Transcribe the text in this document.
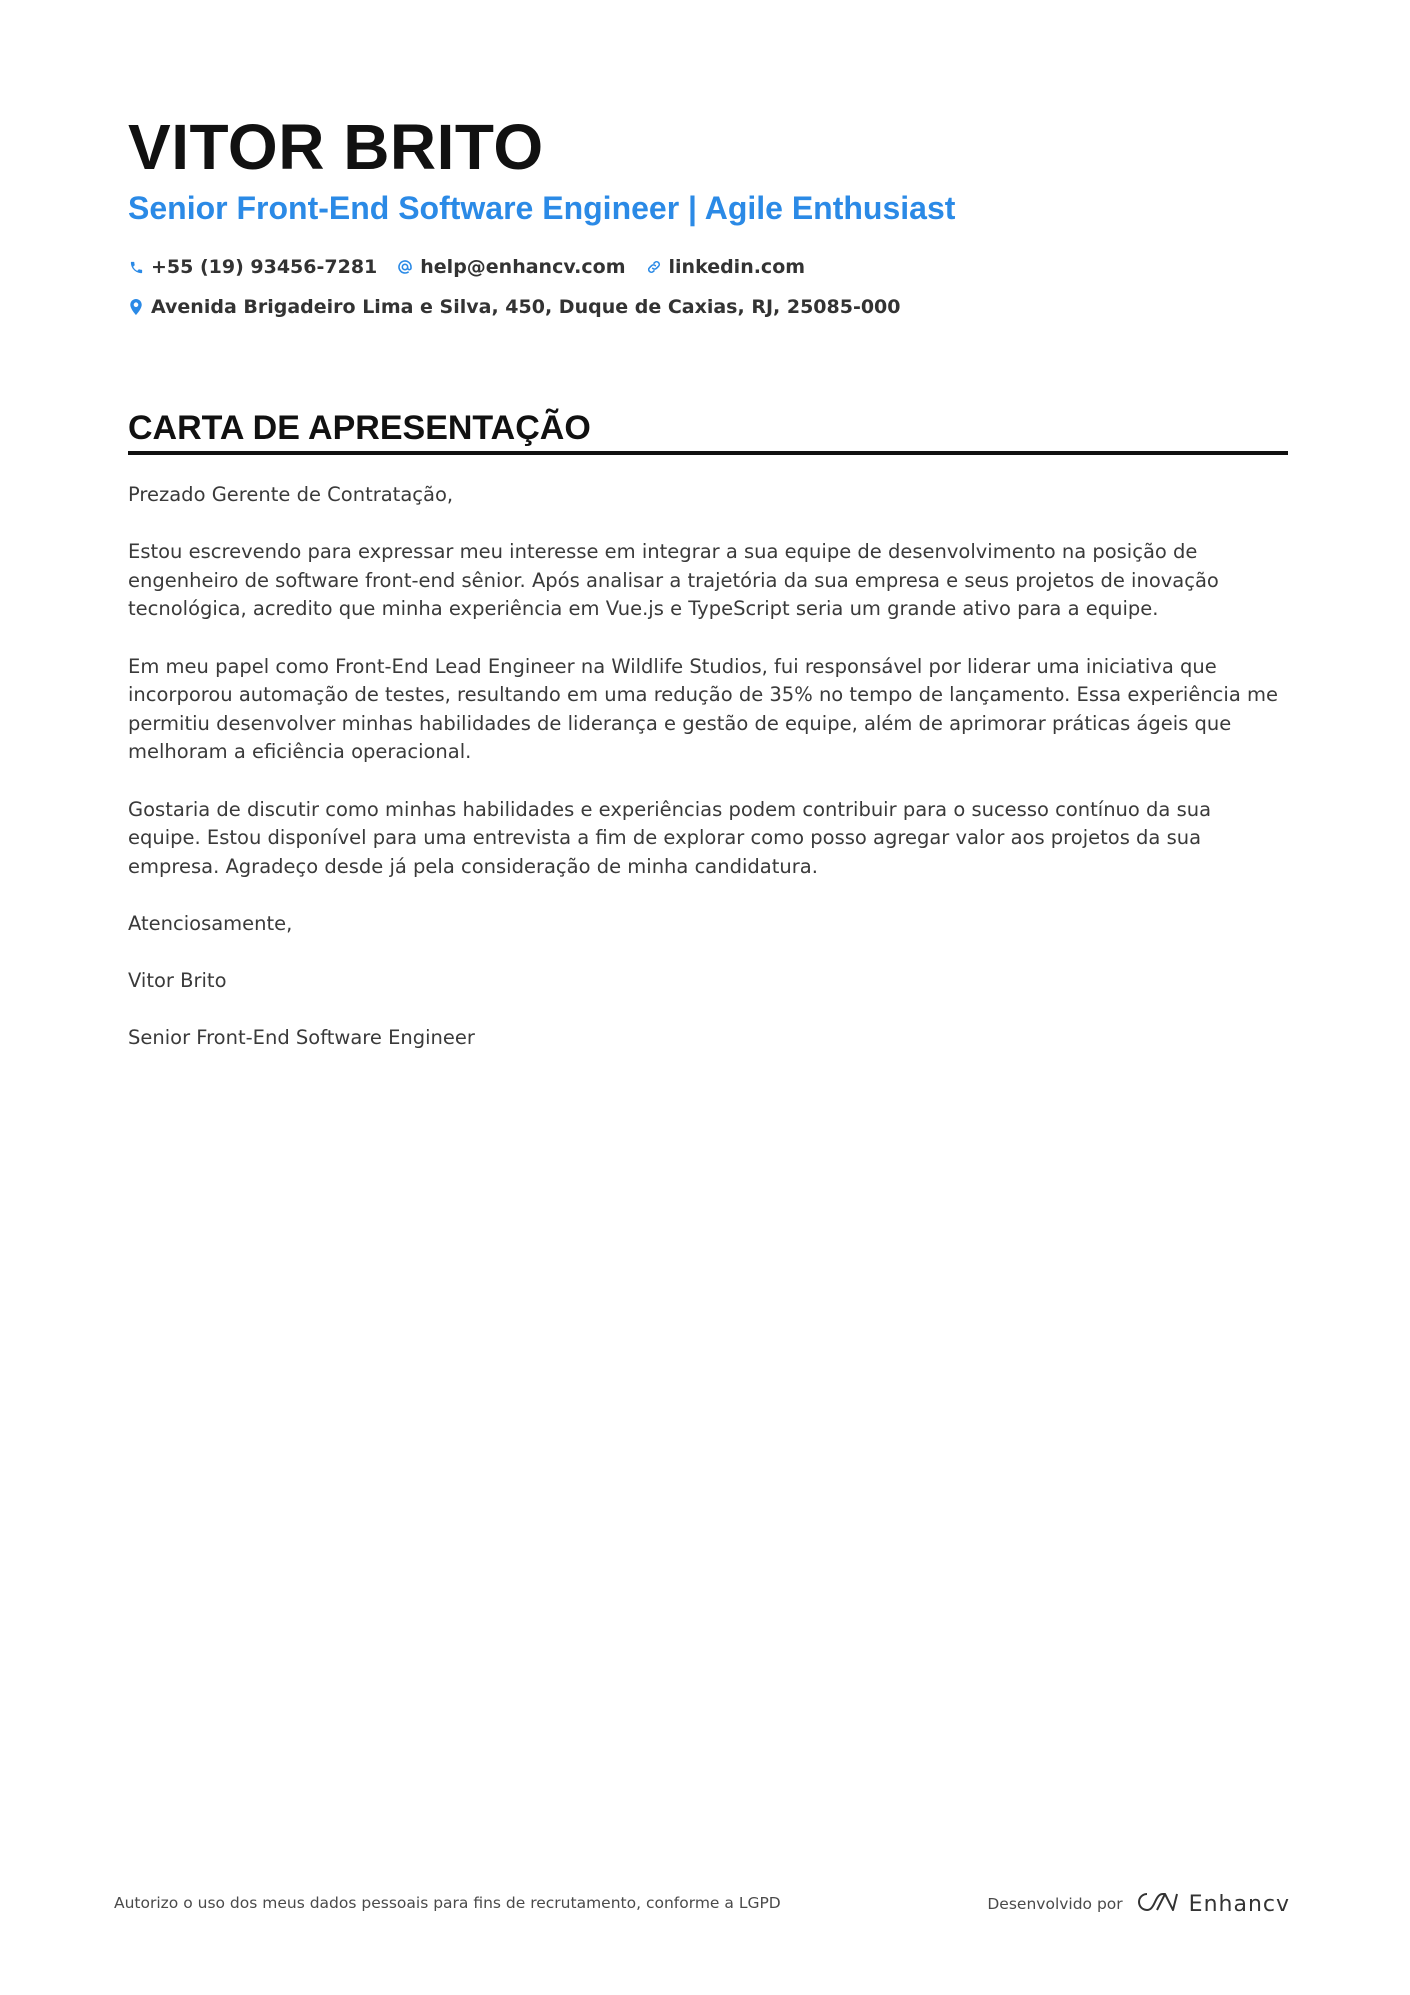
VITOR BRITO
Senior Front-End Software Engineer | Agile Enthusiast
+55 (19) 93456-7281 help@enhancv.com linkedin.com
Avenida Brigadeiro Lima e Silva, 450, Duque de Caxias, RJ, 25085-000
CARTA DE APRESENTAÇÃO

Prezado Gerente de Contratação,

Estou escrevendo para expressar meu interesse em integrar a sua equipe de desenvolvimento na posição de engenheiro de software front-end sênior. Após analisar a trajetória da sua empresa e seus projetos de inovação tecnológica, acredito que minha experiência em Vue.js e TypeScript seria um grande ativo para a equipe.

Em meu papel como Front-End Lead Engineer na Wildlife Studios, fui responsável por liderar uma iniciativa que incorporou automação de testes, resultando em uma redução de 35% no tempo de lançamento. Essa experiência me permitiu desenvolver minhas habilidades de liderança e gestão de equipe, além de aprimorar práticas ágeis que melhoram a eficiência operacional.

Gostaria de discutir como minhas habilidades e experiências podem contribuir para o sucesso contínuo da sua equipe. Estou disponível para uma entrevista a fim de explorar como posso agregar valor aos projetos da sua empresa. Agradeço desde já pela consideração de minha candidatura.

Atenciosamente,

Vitor Brito

Senior Front-End Software Engineer

Autorizo o uso dos meus dados pessoais para fins de recrutamento, conforme a LGPD	Desenvolvido por	Enhancv
